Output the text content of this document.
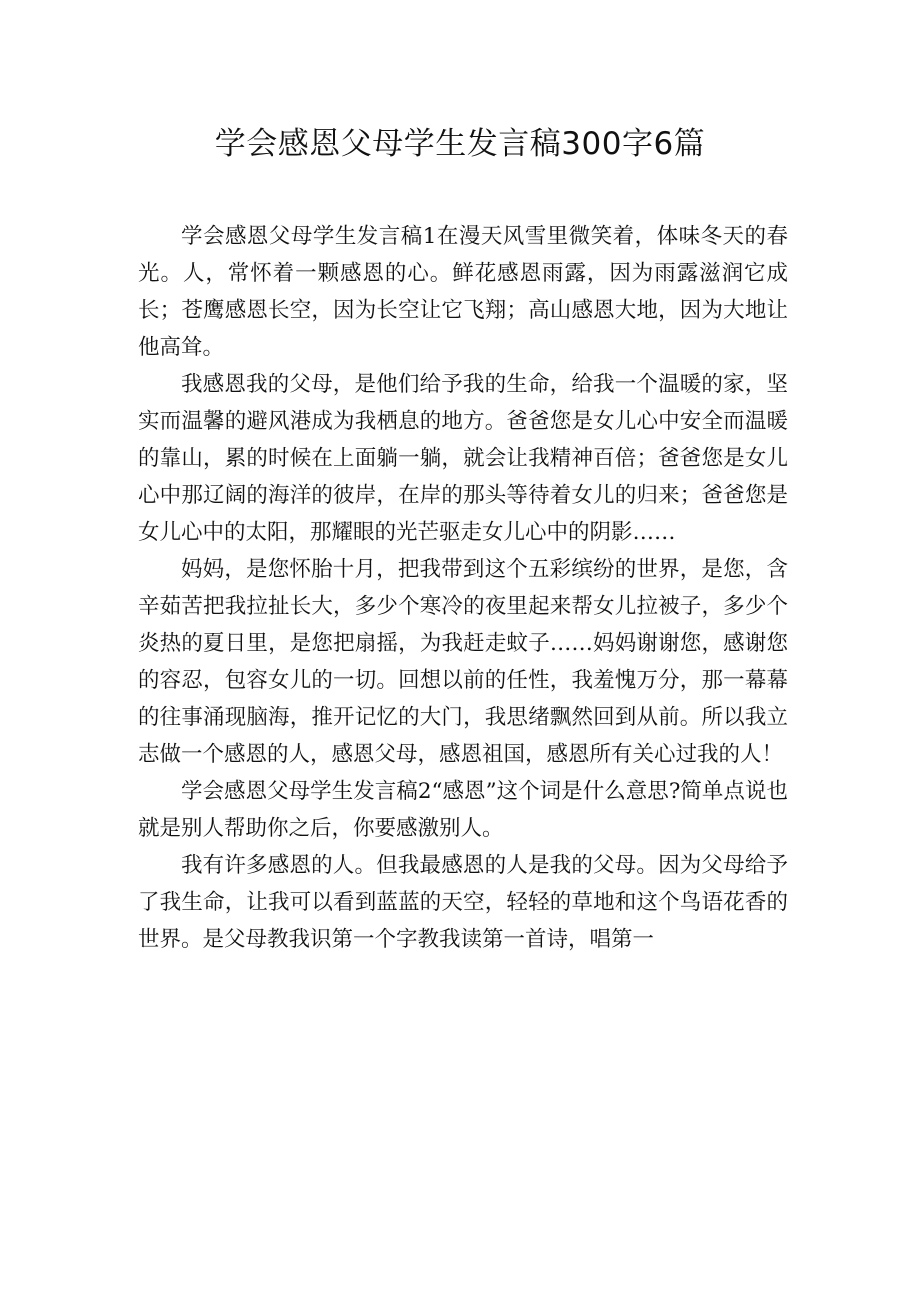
学会感恩父母学生发言稿300字6篇

学会感恩父母学生发言稿1在漫天风雪里微笑着，体味冬天的春光。人，常怀着一颗感恩的心。鲜花感恩雨露，因为雨露滋润它成长；苍鹰感恩长空，因为长空让它飞翔；高山感恩大地，因为大地让他高耸。

我感恩我的父母，是他们给予我的生命，给我一个温暖的家，坚实而温馨的避风港成为我栖息的地方。爸爸您是女儿心中安全而温暖的靠山，累的时候在上面躺一躺，就会让我精神百倍；爸爸您是女儿心中那辽阔的海洋的彼岸，在岸的那头等待着女儿的归来；爸爸您是女儿心中的太阳，那耀眼的光芒驱走女儿心中的阴影……

妈妈，是您怀胎十月，把我带到这个五彩缤纷的世界，是您，含辛茹苦把我拉扯长大，多少个寒冷的夜里起来帮女儿拉被子，多少个炎热的夏日里，是您把扇摇，为我赶走蚊子……妈妈谢谢您，感谢您的容忍，包容女儿的一切。回想以前的任性，我羞愧万分，那一幕幕的往事涌现脑海，推开记忆的大门，我思绪飘然回到从前。所以我立志做一个感恩的人，感恩父母，感恩祖国，感恩所有关心过我的人！

学会感恩父母学生发言稿2“感恩”这个词是什么意思?简单点说也就是别人帮助你之后，你要感激别人。

我有许多感恩的人。但我最感恩的人是我的父母。因为父母给予了我生命，让我可以看到蓝蓝的天空，轻轻的草地和这个鸟语花香的世界。是父母教我识第一个字教我读第一首诗，唱第一
